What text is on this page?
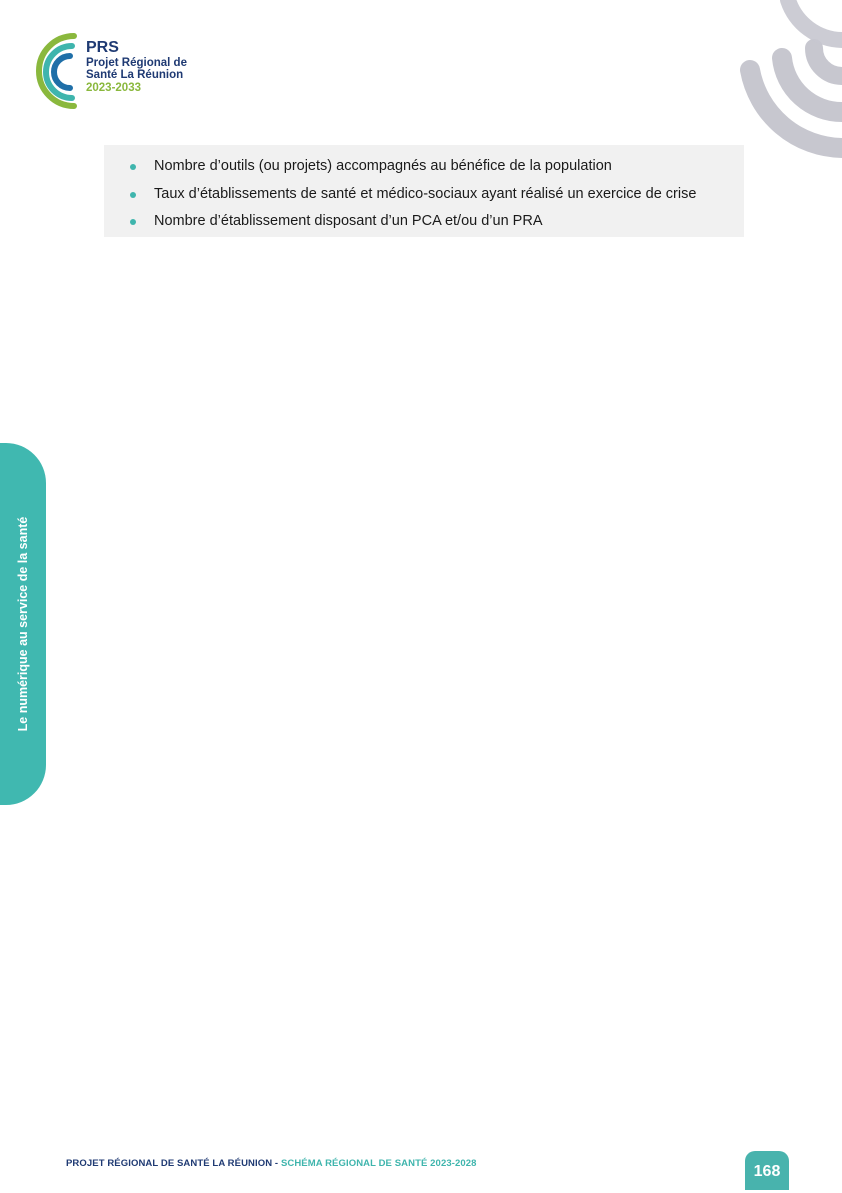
PRS
Projet Régional de
Santé La Réunion
2023-2033
Nombre d’outils (ou projets) accompagnés au bénéfice de la population
Taux d’établissements de santé et médico-sociaux ayant réalisé un exercice de crise
Nombre d’établissement disposant d’un PCA et/ou d’un PRA
Le numérique au service de la santé
PROJET RÉGIONAL DE SANTÉ LA RÉUNION - SCHÉMA RÉGIONAL DE SANTÉ 2023-2028	168
